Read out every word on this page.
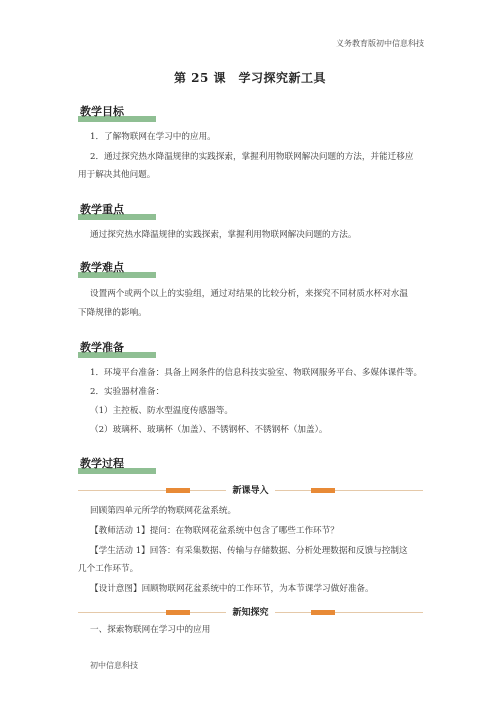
义务教育版初中信息科技
第 25 课　学习探究新工具
教学目标
1．了解物联网在学习中的应用。
2．通过探究热水降温规律的实践探索，掌握利用物联网解决问题的方法，并能迁移应
用于解决其他问题。
教学重点
通过探究热水降温规律的实践探索，掌握利用物联网解决问题的方法。
教学难点
设置两个或两个以上的实验组，通过对结果的比较分析，来探究不同材质水杯对水温
下降规律的影响。
教学准备
1．环境平台准备：具备上网条件的信息科技实验室、物联网服务平台、多媒体课件等。
2．实验器材准备：
（1）主控板、防水型温度传感器等。
（2）玻璃杯、玻璃杯（加盖）、不锈钢杯、不锈钢杯（加盖）。
教学过程
新课导入
回顾第四单元所学的物联网花盆系统。
【教师活动 1】提问：在物联网花盆系统中包含了哪些工作环节？
【学生活动 1】回答：有采集数据、传输与存储数据、分析处理数据和反馈与控制这
几个工作环节。
【设计意图】回顾物联网花盆系统中的工作环节，为本节课学习做好准备。
新知探究
一、探索物联网在学习中的应用
初中信息科技
